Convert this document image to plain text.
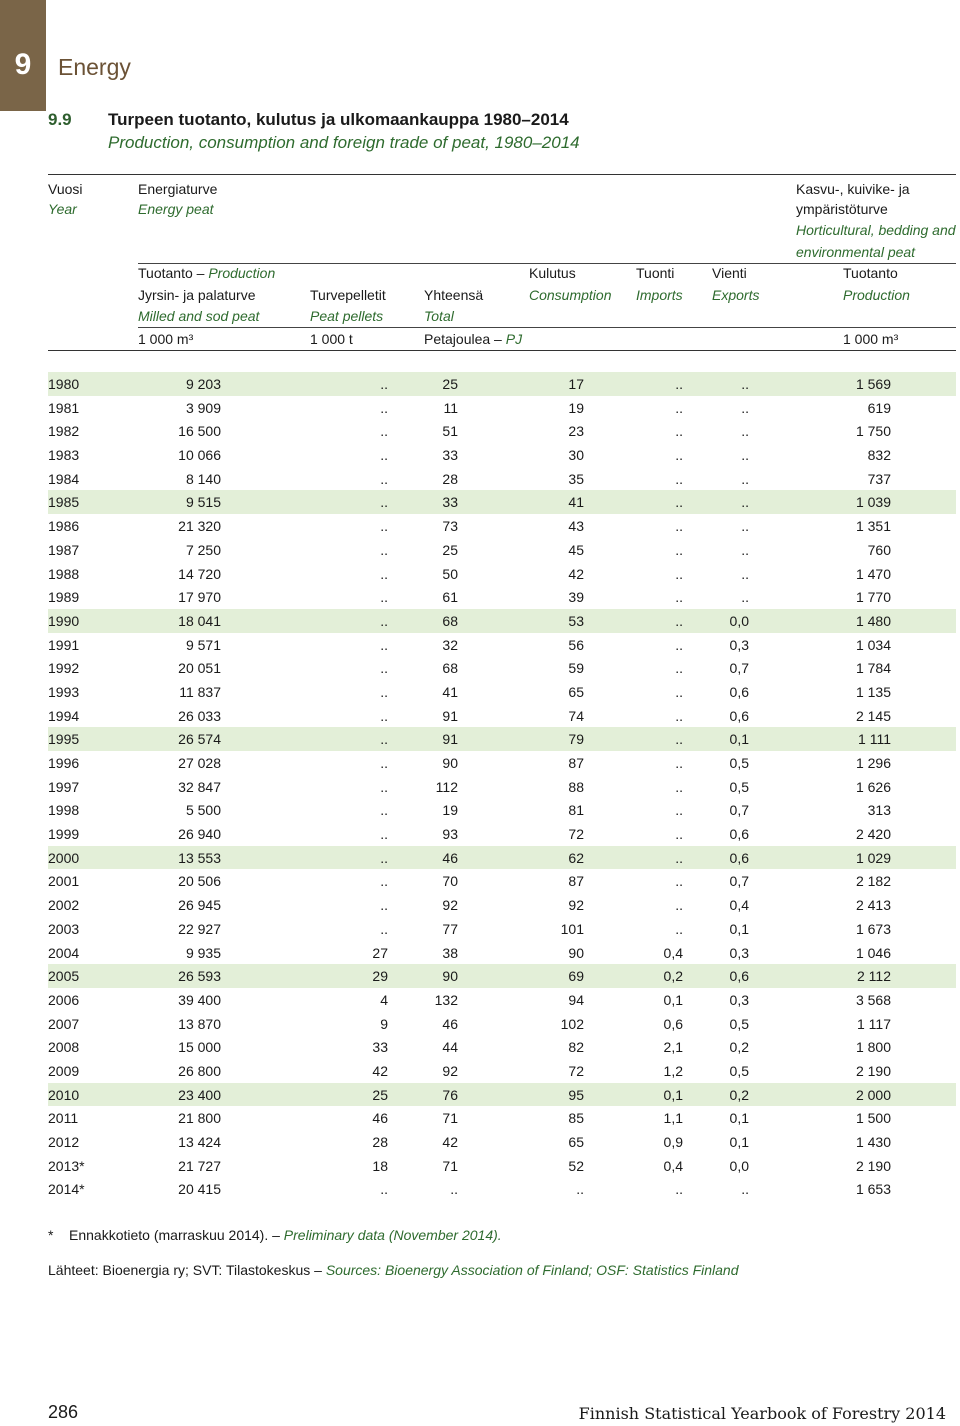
9	Energy
9.9 Turpeen tuotanto, kulutus ja ulkomaankauppa 1980–2014
Production, consumption and foreign trade of peat, 1980–2014
Vuosi
Year
Energiaturve
Energy peat
Kasvu-, kuivike- ja
ympäristöturve
Horticultural, bedding and
environmental peat
Tuotanto – Production	Kulutus
Consumption
Tuonti
Imports
Vienti
Exports
Tuotanto
Production
Jyrsin- ja palaturve
Milled and sod peat
Turvepelletit
Peat pellets
Yhteensä
Total
1 000 m³	1 000 t	Petajoulea – PJ	1 000 m³
1980	9 203	..	25	17	..	..	1 569
1981	3 909	..	11	19	..	..	619
1982	16 500	..	51	23	..	..	1 750
1983	10 066	..	33	30	..	..	832
1984	8 140	..	28	35	..	..	737
1985	9 515	..	33	41	..	..	1 039
1986	21 320	..	73	43	..	..	1 351
1987	7 250	..	25	45	..	..	760
1988	14 720	..	50	42	..	..	1 470
1989	17 970	..	61	39	..	..	1 770
1990	18 041	..	68	53	..	0,0	1 480
1991	9 571	..	32	56	..	0,3	1 034
1992	20 051	..	68	59	..	0,7	1 784
1993	11 837	..	41	65	..	0,6	1 135
1994	26 033	..	91	74	..	0,6	2 145
1995	26 574	..	91	79	..	0,1	1 111
1996	27 028	..	90	87	..	0,5	1 296
1997	32 847	..	112	88	..	0,5	1 626
1998	5 500	..	19	81	..	0,7	313
1999	26 940	..	93	72	..	0,6	2 420
2000	13 553	..	46	62	..	0,6	1 029
2001	20 506	..	70	87	..	0,7	2 182
2002	26 945	..	92	92	..	0,4	2 413
2003	22 927	..	77	101	..	0,1	1 673
2004	9 935	27	38	90	0,4	0,3	1 046
2005	26 593	29	90	69	0,2	0,6	2 112
2006	39 400	4	132	94	0,1	0,3	3 568
2007	13 870	9	46	102	0,6	0,5	1 117
2008	15 000	33	44	82	2,1	0,2	1 800
2009	26 800	42	92	72	1,2	0,5	2 190
2010	23 400	25	76	95	0,1	0,2	2 000
2011	21 800	46	71	85	1,1	0,1	1 500
2012	13 424	28	42	65	0,9	0,1	1 430
2013*	21 727	18	71	52	0,4	0,0	2 190
2014*	20 415	..	..	..	..	..	1 653
* Ennakkotieto (marraskuu 2014). – Preliminary data (November 2014).
Lähteet: Bioenergia ry; SVT: Tilastokeskus – Sources: Bioenergy Association of Finland; OSF: Statistics Finland
286	Finnish Statistical Yearbook of Forestry 2014
